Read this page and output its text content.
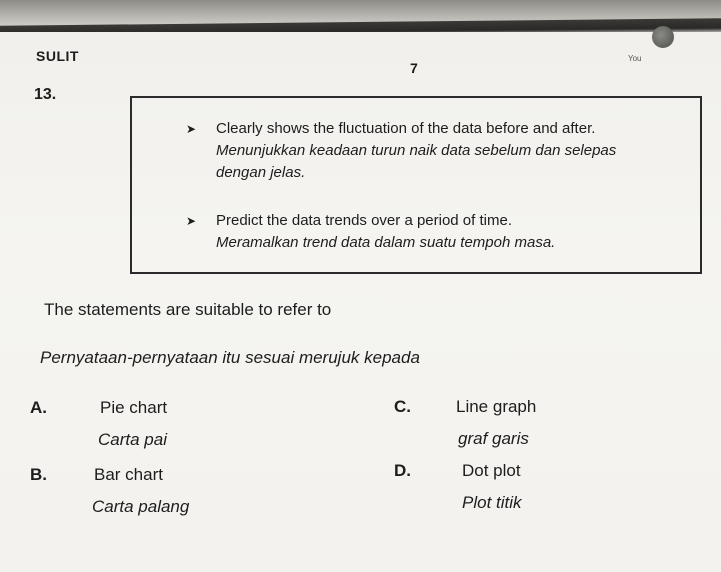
SULIT
7
You
13.
➤ Clearly shows the fluctuation of the data before and after.
Menunjukkan keadaan turun naik data sebelum dan selepas dengan jelas.
➤ Predict the data trends over a period of time.
Meramalkan trend data dalam suatu tempoh masa.
The statements are suitable to refer to
Pernyataan-pernyataan itu sesuai merujuk kepada
A.	Pie chart
Carta pai
B.	Bar chart
Carta palang
C.	Line graph
graf garis
D.	Dot plot
Plot titik
